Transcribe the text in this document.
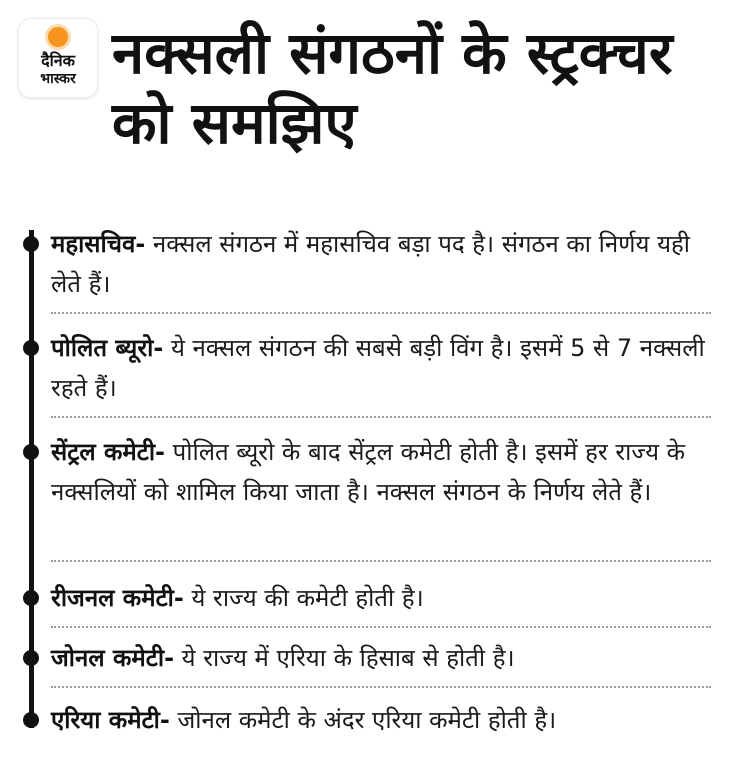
दैनिक
भास्कर नक्सली संगठनों के स्ट्रक्चर को समझिए
महासचिव- नक्सल संगठन में महासचिव बड़ा पद है। संगठन का निर्णय यही लेते हैं।
पोलित ब्यूरो- ये नक्सल संगठन की सबसे बड़ी विंग है। इसमें 5 से 7 नक्सली रहते हैं।
सेंट्रल कमेटी- पोलित ब्यूरो के बाद सेंट्रल कमेटी होती है। इसमें हर राज्य के नक्सलियों को शामिल किया जाता है। नक्सल संगठन के निर्णय लेते हैं।
रीजनल कमेटी- ये राज्य की कमेटी होती है।
जोनल कमेटी- ये राज्य में एरिया के हिसाब से होती है।
एरिया कमेटी- जोनल कमेटी के अंदर एरिया कमेटी होती है।
